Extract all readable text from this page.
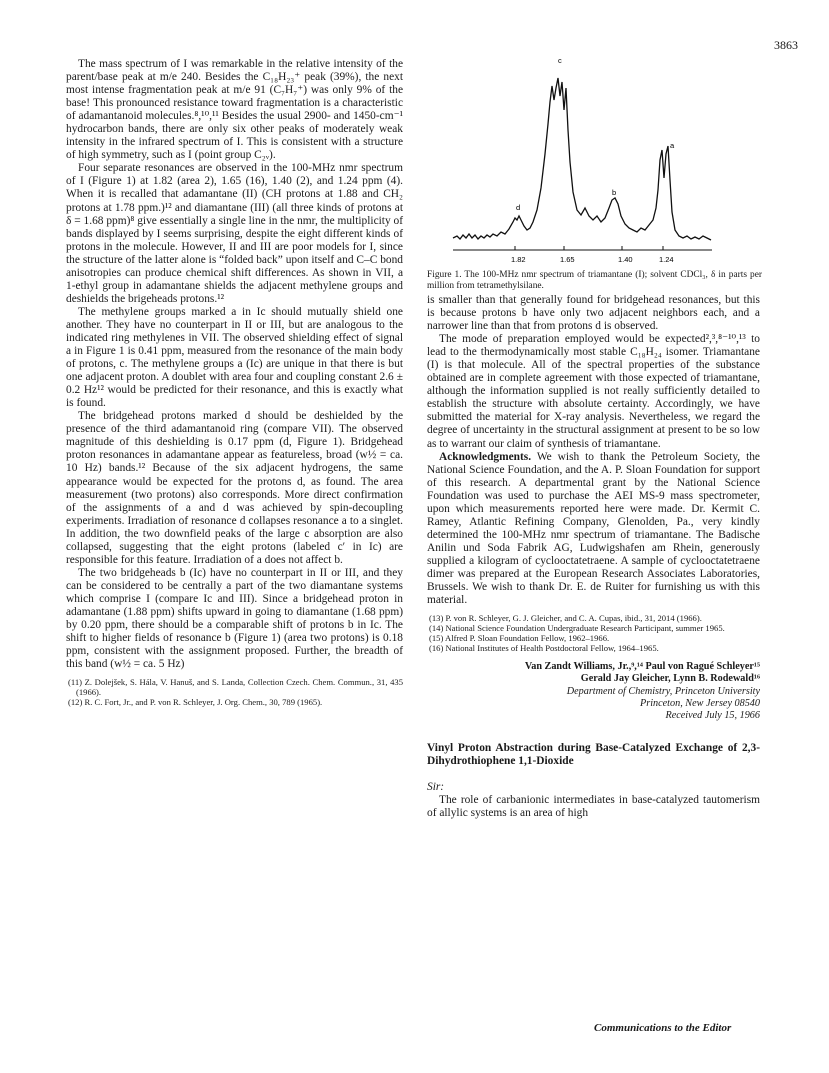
3863

The mass spectrum of I was remarkable in the relative intensity of the parent/base peak at m/e 240. Besides the C₁₈H₂₃⁺ peak (39%), the next most intense fragmentation peak at m/e 91 (C₇H₇⁺) was only 9% of the base! This pronounced resistance toward fragmentation is a characteristic of adamantanoid molecules.⁸,¹⁰,¹¹ Besides the usual 2900- and 1450-cm⁻¹ hydrocarbon bands, there are only six other peaks of moderately weak intensity in the infrared spectrum of I. This is consistent with a structure of high symmetry, such as I (point group C₂ᵥ).

Four separate resonances are observed in the 100-MHz nmr spectrum of I (Figure 1) at 1.82 (area 2), 1.65 (16), 1.40 (2), and 1.24 ppm (4). When it is recalled that adamantane (II) (CH protons at 1.88 and CH₂ protons at 1.78 ppm.)¹² and diamantane (III) (all three kinds of protons at δ = 1.68 ppm)⁸ give essentially a single line in the nmr, the multiplicity of bands displayed by I seems surprising, despite the eight different kinds of protons in the molecule. However, II and III are poor models for I, since the structure of the latter alone is “folded back” upon itself and C–C bond anisotropies can produce chemical shift differences. As shown in VII, a 1-ethyl group in adamantane shields the adjacent methylene groups and deshields the brigeheads protons.¹²

The methylene groups marked a in Ic should mutually shield one another. They have no counterpart in II or III, but are analogous to the indicated ring methylenes in VII. The observed shielding effect of signal a in Figure 1 is 0.41 ppm, measured from the resonance of the main body of protons, c. The methylene groups a (Ic) are unique in that there is but one adjacent proton. A doublet with area four and coupling constant 2.6 ± 0.2 Hz¹² would be predicted for their resonance, and this is exactly what is found.

The bridgehead protons marked d should be deshielded by the presence of the third adamantanoid ring (compare VII). The observed magnitude of this deshielding is 0.17 ppm (d, Figure 1). Bridgehead proton resonances in adamantane appear as featureless, broad (w½ = ca. 10 Hz) bands.¹² Because of the six adjacent hydrogens, the same appearance would be expected for the protons d, as found. The area measurement (two protons) also corresponds. More direct confirmation of the assignments of a and d was achieved by spin-decoupling experiments. Irradiation of resonance d collapses resonance a to a singlet. In addition, the two downfield peaks of the large c absorption are also collapsed, suggesting that the eight protons (labeled c′ in Ic) are responsible for this feature. Irradiation of a does not affect b.

The two bridgeheads b (Ic) have no counterpart in II or III, and they can be considered to be centrally a part of the two diamantane systems which comprise I (compare Ic and III). Since a bridgehead proton in adamantane (1.88 ppm) shifts upward in going to diamantane (1.68 ppm) by 0.20 ppm, there should be a comparable shift of protons b in Ic. The shift to higher fields of resonance b (Figure 1) (area two protons) is 0.18 ppm, consistent with the assignment proposed. Further, the breadth of this band (w½ = ca. 5 Hz)

(11) Z. Dolejšek, S. Hála, V. Hanuš, and S. Landa, Collection Czech. Chem. Commun., 31, 435 (1966).

(12) R. C. Fort, Jr., and P. von R. Schleyer, J. Org. Chem., 30, 789 (1965).

1.82	1.65	1.40	1.24
c
b
a
d
Figure 1. The 100-MHz nmr spectrum of triamantane (I); solvent CDCl₃, δ in parts per million from tetramethylsilane.

is smaller than that generally found for bridgehead resonances, but this is because protons b have only two adjacent neighbors each, and a narrower line than that from protons d is observed.

The mode of preparation employed would be expected²,³,⁸⁻¹⁰,¹³ to lead to the thermodynamically most stable C₁₈H₂₄ isomer. Triamantane (I) is that molecule. All of the spectral properties of the substance obtained are in complete agreement with those expected of triamantane, although the information supplied is not really sufficiently detailed to establish the structure with absolute certainty. Accordingly, we have submitted the material for X-ray analysis. Nevertheless, we regard the degree of uncertainty in the structural assignment at present to be so low as to warrant our claim of synthesis of triamantane.

Acknowledgments. We wish to thank the Petroleum Society, the National Science Foundation, and the A. P. Sloan Foundation for support of this research. A departmental grant by the National Science Foundation was used to purchase the AEI MS-9 mass spectrometer, upon which measurements reported here were made. Dr. Kermit C. Ramey, Atlantic Refining Company, Glenolden, Pa., very kindly determined the 100-MHz nmr spectrum of triamantane. The Badische Anilin und Soda Fabrik AG, Ludwigshafen am Rhein, generously supplied a kilogram of cyclooctatetraene. A sample of cyclooctatetraene dimer was prepared at the European Research Associates Laboratories, Brussels. We wish to thank Dr. E. de Ruiter for furnishing us with this material.

(13) P. von R. Schleyer, G. J. Gleicher, and C. A. Cupas, ibid., 31, 2014 (1966).

(14) National Science Foundation Undergraduate Research Participant, summer 1965.

(15) Alfred P. Sloan Foundation Fellow, 1962–1966.

(16) National Institutes of Health Postdoctoral Fellow, 1964–1965.

Van Zandt Williams, Jr.,⁹,¹⁴ Paul von Ragué Schleyer¹⁵
Gerald Jay Gleicher, Lynn B. Rodewald¹⁶
Department of Chemistry, Princeton University
Princeton, New Jersey 08540
Received July 15, 1966

Vinyl Proton Abstraction during Base-Catalyzed Exchange of 2,3-Dihydrothiophene 1,1-Dioxide

Sir:

The role of carbanionic intermediates in base-catalyzed tautomerism of allylic systems is an area of high

Communications to the Editor
